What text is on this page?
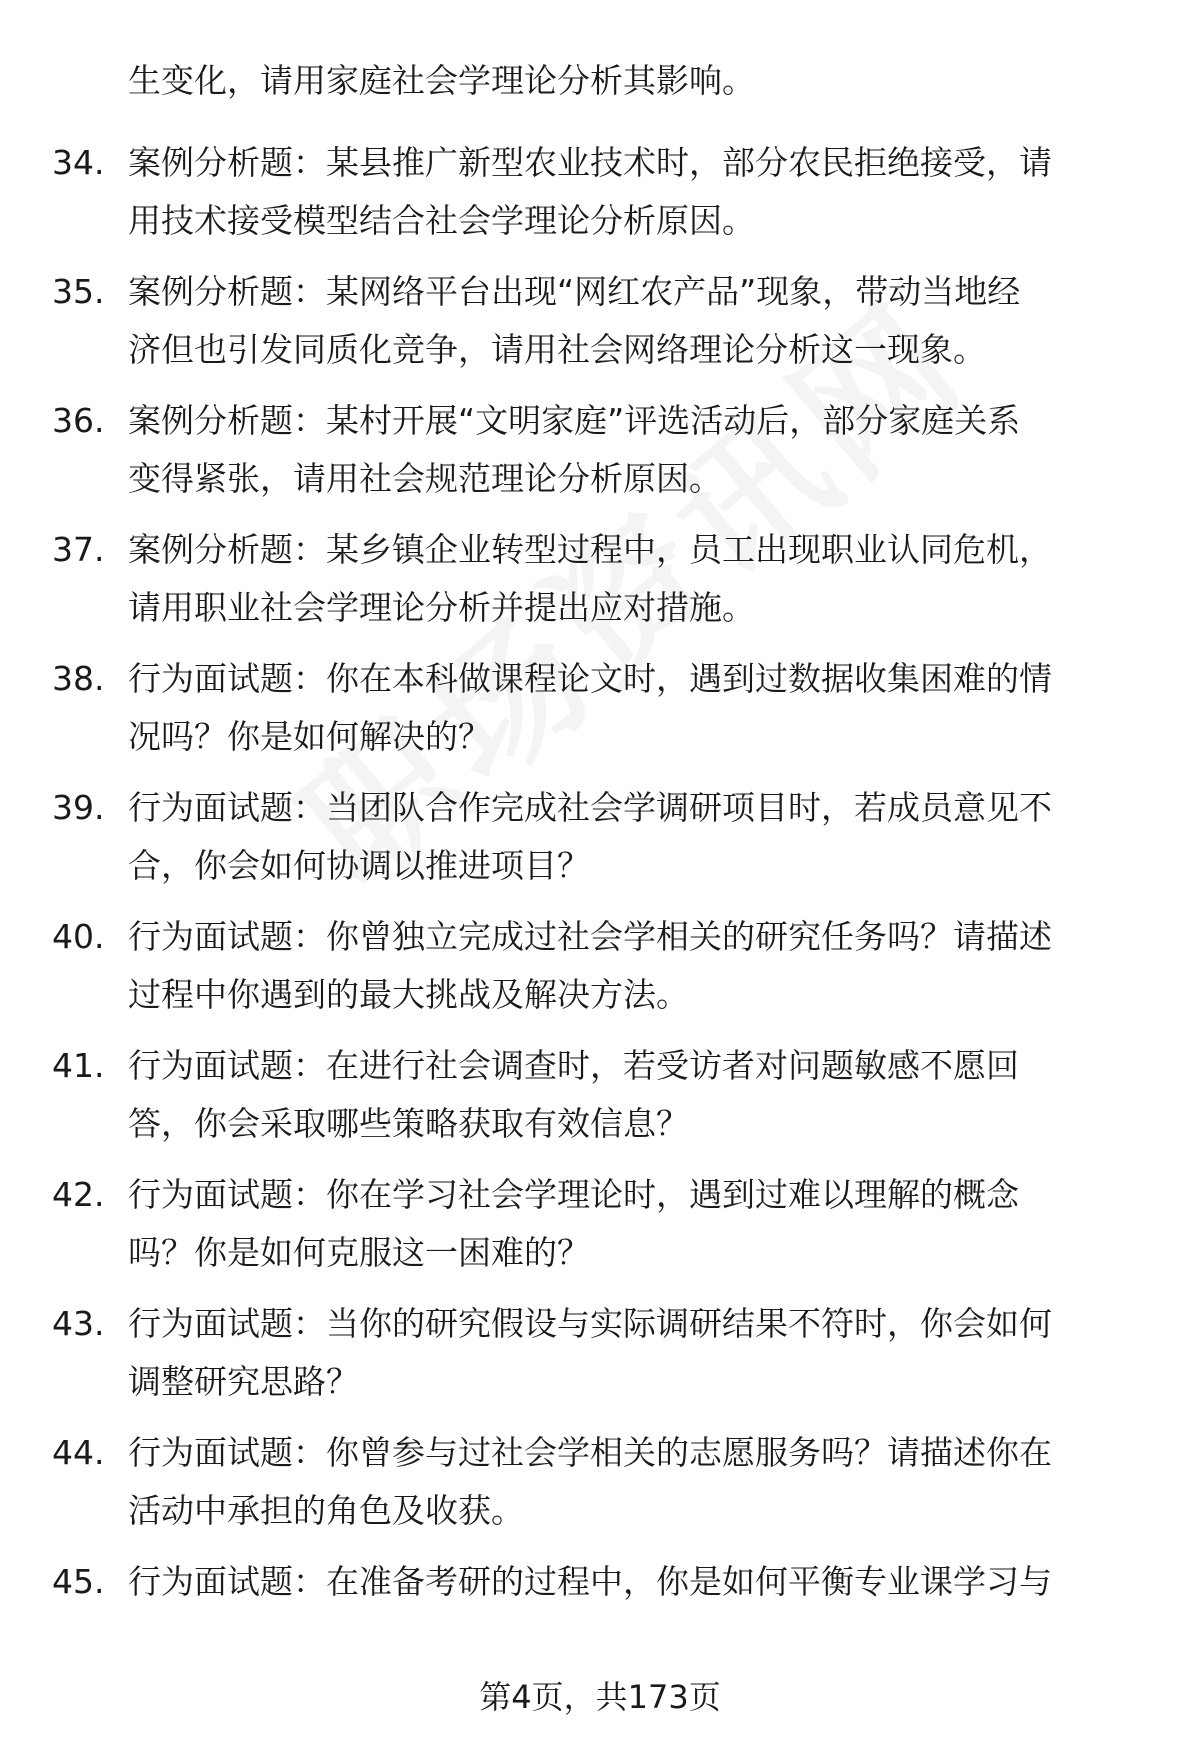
生变化，请用家庭社会学理论分析其影响。

34. 案例分析题：某县推广新型农业技术时，部分农民拒绝接受，请
用技术接受模型结合社会学理论分析原因。
35. 案例分析题：某网络平台出现“网红农产品”现象，带动当地经
济但也引发同质化竞争，请用社会网络理论分析这一现象。
36. 案例分析题：某村开展“文明家庭”评选活动后，部分家庭关系
变得紧张，请用社会规范理论分析原因。
37. 案例分析题：某乡镇企业转型过程中，员工出现职业认同危机，
请用职业社会学理论分析并提出应对措施。
38. 行为面试题：你在本科做课程论文时，遇到过数据收集困难的情
况吗？你是如何解决的？
39. 行为面试题：当团队合作完成社会学调研项目时，若成员意见不
合，你会如何协调以推进项目？
40. 行为面试题：你曾独立完成过社会学相关的研究任务吗？请描述
过程中你遇到的最大挑战及解决方法。
41. 行为面试题：在进行社会调查时，若受访者对问题敏感不愿回
答，你会采取哪些策略获取有效信息？
42. 行为面试题：你在学习社会学理论时，遇到过难以理解的概念
吗？你是如何克服这一困难的？
43. 行为面试题：当你的研究假设与实际调研结果不符时，你会如何
调整研究思路？
44. 行为面试题：你曾参与过社会学相关的志愿服务吗？请描述你在
活动中承担的角色及收获。
45. 行为面试题：在准备考研的过程中，你是如何平衡专业课学习与
第4页，共173页
